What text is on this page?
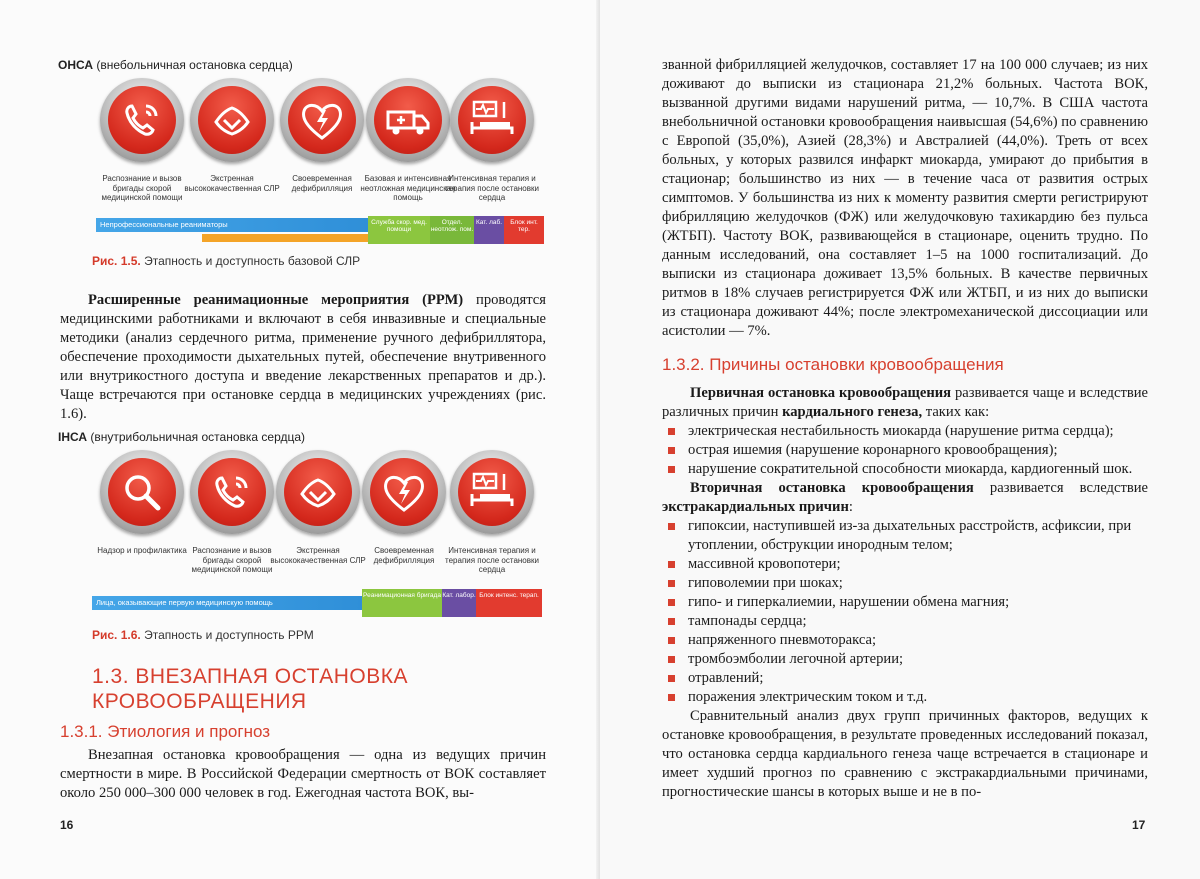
ОНСА (внебольничная остановка сердца)
Распознание и вызов бригады скорой медицинской помощи
Экстренная высококачественная СЛР
Своевременная дефибрилляция
Базовая и интенсивная неотложная медицинская помощь
Интенсивная терапия и терапия после остановки сердца
Непрофессиональные реаниматоры	Служба скор. мед. помощи
Отдел. неотлож. пом.
Кат. лаб.	Блок инт. тер.
Рис. 1.5. Этапность и доступность базовой СЛР

Расширенные реанимационные мероприятия (РРМ) проводятся медицинскими работниками и включают в себя инвазивные и специальные методики (анализ сердечного ритма, применение ручного дефибриллятора, обеспечение проходимости дыхательных путей, обеспечение внутривенного или внутрикостного доступа и введение лекарственных препаратов и др.). Чаще встречаются при остановке сердца в медицинских учреждениях (рис. 1.6).

ІНСА (внутрибольничная остановка сердца)
Надзор и профилактика Распознание и вызов бригады скорой медицинской помощи
Экстренная высококачественная СЛР
Своевременная дефибрилляция
Интенсивная терапия и терапия после остановки сердца
Лица, оказывающие первую медицинскую помощь
Реанимационная бригада Кат. лабор. Блок интенс. терап.
Рис. 1.6. Этапность и доступность РРМ
1.3. ВНЕЗАПНАЯ ОСТАНОВКА КРОВООБРАЩЕНИЯ
1.3.1. Этиология и прогноз
Внезапная остановка кровообращения — одна из ведущих причин смертности в мире. В Российской Федерации смертность от ВОК составляет около 250 000–300 000 человек в год. Ежегодная частота ВОК, вы-
16
званной фибрилляцией желудочков, составляет 17 на 100 000 случаев; из них доживают до выписки из стационара 21,2% больных. Частота ВОК, вызванной другими видами нарушений ритма, — 10,7%. В США частота внебольничной остановки кровообращения наивысшая (54,6%) по сравнению с Европой (35,0%), Азией (28,3%) и Австралией (44,0%). Треть от всех больных, у которых развился инфаркт миокарда, умирают до прибытия в стационар; большинство из них — в течение часа от развития острых симптомов. У большинства из них к моменту развития смерти регистрируют фибрилляцию желудочков (ФЖ) или желудочковую тахикардию без пульса (ЖТБП). Частоту ВОК, развивающейся в стационаре, оценить трудно. По данным исследований, она составляет 1–5 на 1000 госпитализаций. До выписки из стационара доживает 13,5% больных. В качестве первичных ритмов в 18% случаев регистрируется ФЖ или ЖТБП, и из них до выписки из стационара доживают 44%; после электромеханической диссоциации или асистолии — 7%.
1.3.2. Причины остановки кровообращения

Первичная остановка кровообращения развивается чаще и вследствие различных причин кардиального генеза, таких как:

электрическая нестабильность миокарда (нарушение ритма сердца);
острая ишемия (нарушение коронарного кровообращения);
нарушение сократительной способности миокарда, кардиогенный шок.

Вторичная остановка кровообращения развивается вследствие экстракардиальных причин:

гипоксии, наступившей из-за дыхательных расстройств, асфиксии, при утоплении, обструкции инородным телом;
массивной кровопотери;
гиповолемии при шоках;
гипо- и гиперкалиемии, нарушении обмена магния;
тампонады сердца;
напряженного пневмоторакса;
тромбоэмболии легочной артерии;
отравлений;
поражения электрическим током и т.д.

Сравнительный анализ двух групп причинных факторов, ведущих к остановке кровообращения, в результате проведенных исследований показал, что остановка сердца кардиального генеза чаще встречается в стационаре и имеет худший прогноз по сравнению с экстракардиальными причинами, прогностические шансы в которых выше и не в по-

17
